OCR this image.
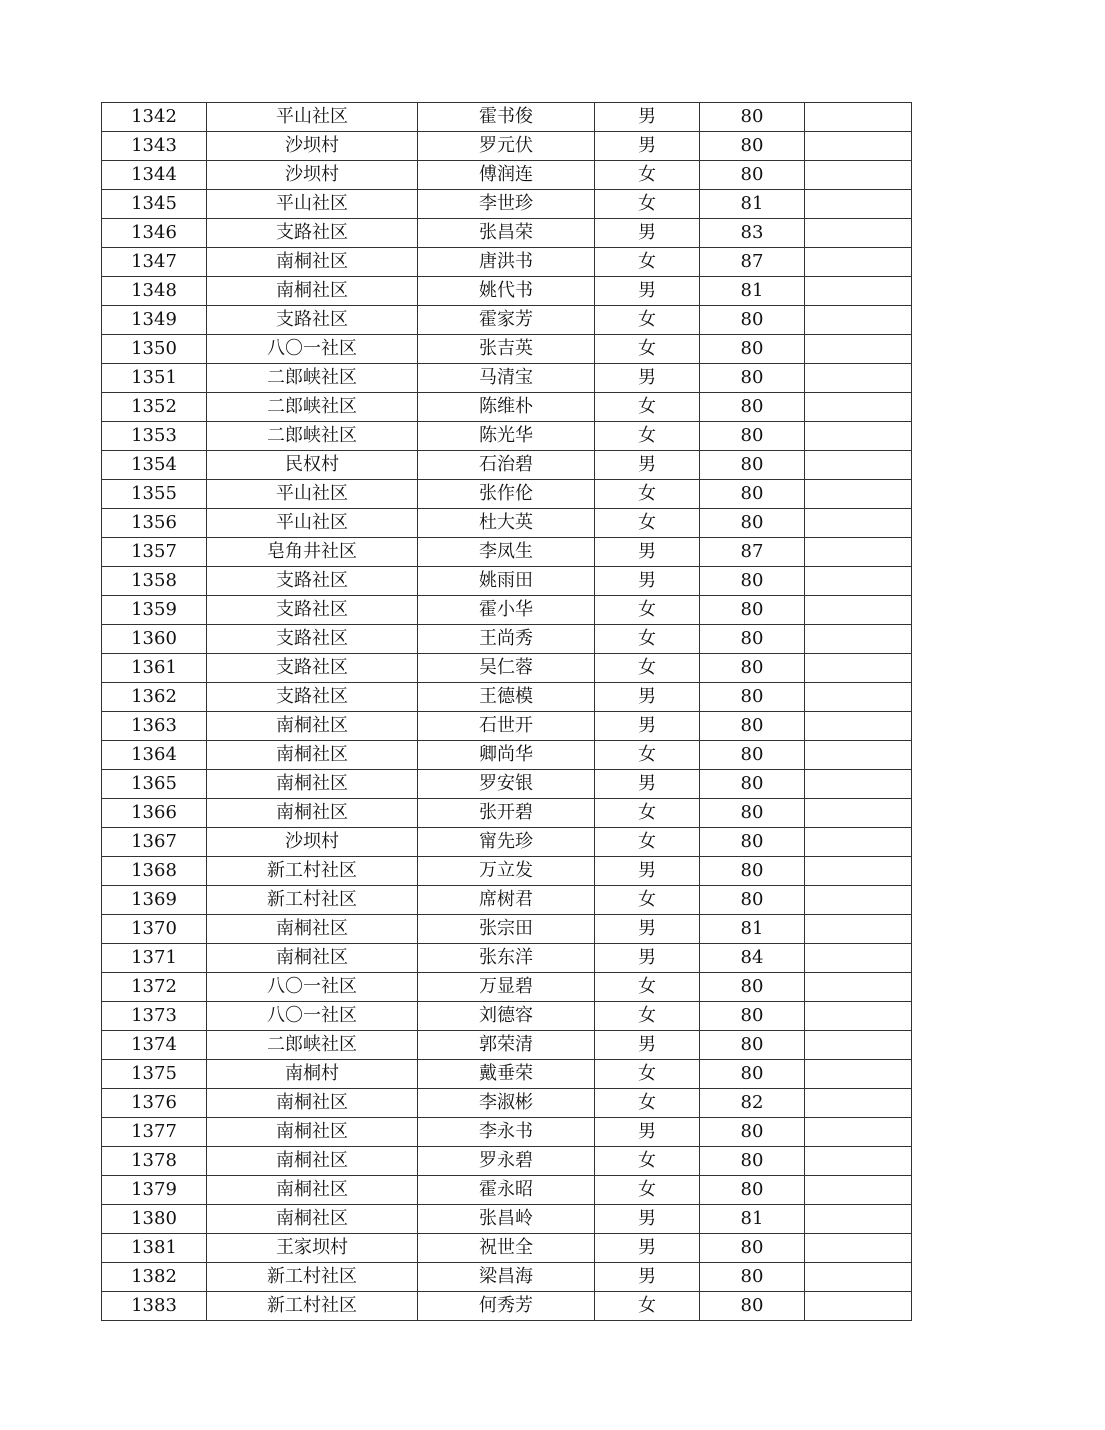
1342	平山社区	霍书俊	男	80	
1343	沙坝村	罗元伏	男	80	
1344	沙坝村	傅润连	女	80	
1345	平山社区	李世珍	女	81	
1346	支路社区	张昌荣	男	83	
1347	南桐社区	唐洪书	女	87	
1348	南桐社区	姚代书	男	81	
1349	支路社区	霍家芳	女	80	
1350	八〇一社区	张吉英	女	80	
1351	二郎峡社区	马清宝	男	80	
1352	二郎峡社区	陈维朴	女	80	
1353	二郎峡社区	陈光华	女	80	
1354	民权村	石治碧	男	80	
1355	平山社区	张作伦	女	80	
1356	平山社区	杜大英	女	80	
1357	皂角井社区	李凤生	男	87	
1358	支路社区	姚雨田	男	80	
1359	支路社区	霍小华	女	80	
1360	支路社区	王尚秀	女	80	
1361	支路社区	吴仁蓉	女	80	
1362	支路社区	王德模	男	80	
1363	南桐社区	石世开	男	80	
1364	南桐社区	卿尚华	女	80	
1365	南桐社区	罗安银	男	80	
1366	南桐社区	张开碧	女	80	
1367	沙坝村	甯先珍	女	80	
1368	新工村社区	万立发	男	80	
1369	新工村社区	席树君	女	80	
1370	南桐社区	张宗田	男	81	
1371	南桐社区	张东洋	男	84	
1372	八〇一社区	万显碧	女	80	
1373	八〇一社区	刘德容	女	80	
1374	二郎峡社区	郭荣清	男	80	
1375	南桐村	戴垂荣	女	80	
1376	南桐社区	李淑彬	女	82	
1377	南桐社区	李永书	男	80	
1378	南桐社区	罗永碧	女	80	
1379	南桐社区	霍永昭	女	80	
1380	南桐社区	张昌岭	男	81	
1381	王家坝村	祝世全	男	80	
1382	新工村社区	梁昌海	男	80	
1383	新工村社区	何秀芳	女	80	
